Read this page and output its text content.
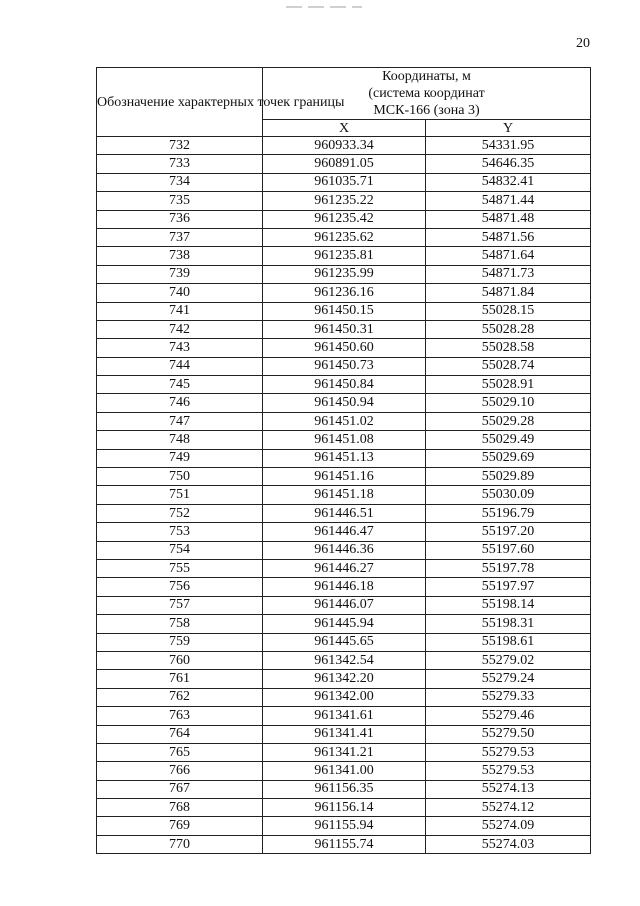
20
Обозначение характерных точек границы	Координаты, м
(система координат
МСК-166 (зона 3)	
	X	Y
732	960933.34	54331.95
733	960891.05	54646.35
734	961035.71	54832.41
735	961235.22	54871.44
736	961235.42	54871.48
737	961235.62	54871.56
738	961235.81	54871.64
739	961235.99	54871.73
740	961236.16	54871.84
741	961450.15	55028.15
742	961450.31	55028.28
743	961450.60	55028.58
744	961450.73	55028.74
745	961450.84	55028.91
746	961450.94	55029.10
747	961451.02	55029.28
748	961451.08	55029.49
749	961451.13	55029.69
750	961451.16	55029.89
751	961451.18	55030.09
752	961446.51	55196.79
753	961446.47	55197.20
754	961446.36	55197.60
755	961446.27	55197.78
756	961446.18	55197.97
757	961446.07	55198.14
758	961445.94	55198.31
759	961445.65	55198.61
760	961342.54	55279.02
761	961342.20	55279.24
762	961342.00	55279.33
763	961341.61	55279.46
764	961341.41	55279.50
765	961341.21	55279.53
766	961341.00	55279.53
767	961156.35	55274.13
768	961156.14	55274.12
769	961155.94	55274.09
770	961155.74	55274.03
